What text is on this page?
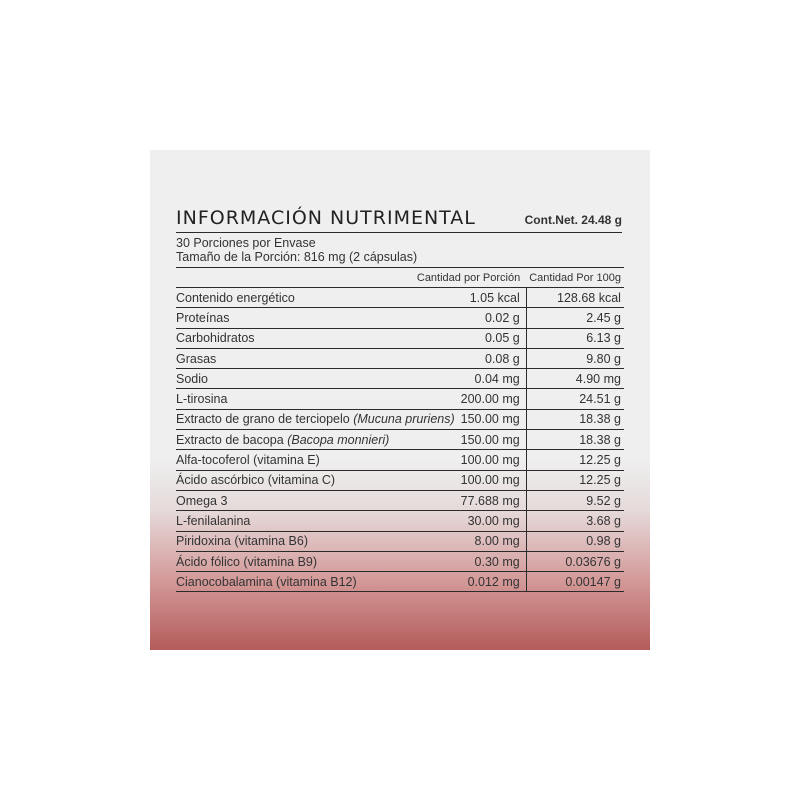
INFORMACIÓN NUTRIMENTAL	Cont.Net. 24.48 g
30 Porciones por Envase
Tamaño de la Porción: 816 mg (2 cápsulas)
Cantidad por Porción		Cantidad Por 100g
Contenido energético	1.05 kcal	128.68 kcal
Proteínas	0.02 g	2.45 g
Carbohidratos	0.05 g	6.13 g
Grasas	0.08 g	9.80 g
Sodio	0.04 mg	4.90 mg
L-tirosina	200.00 mg	24.51 g
Extracto de grano de terciopelo (Mucuna pruriens)	150.00 mg	18.38 g
Extracto de bacopa (Bacopa monnieri)	150.00 mg	18.38 g
Alfa-tocoferol (vitamina E)	100.00 mg	12.25 g
Ácido ascórbico (vitamina C)	100.00 mg	12.25 g
Omega 3	77.688 mg	9.52 g
L-fenilalanina	30.00 mg	3.68 g
Piridoxina (vitamina B6)	8.00 mg	0.98 g
Ácido fólico (vitamina B9)	0.30 mg	0.03676 g
Cianocobalamina (vitamina B12)	0.012 mg	0.00147 g
